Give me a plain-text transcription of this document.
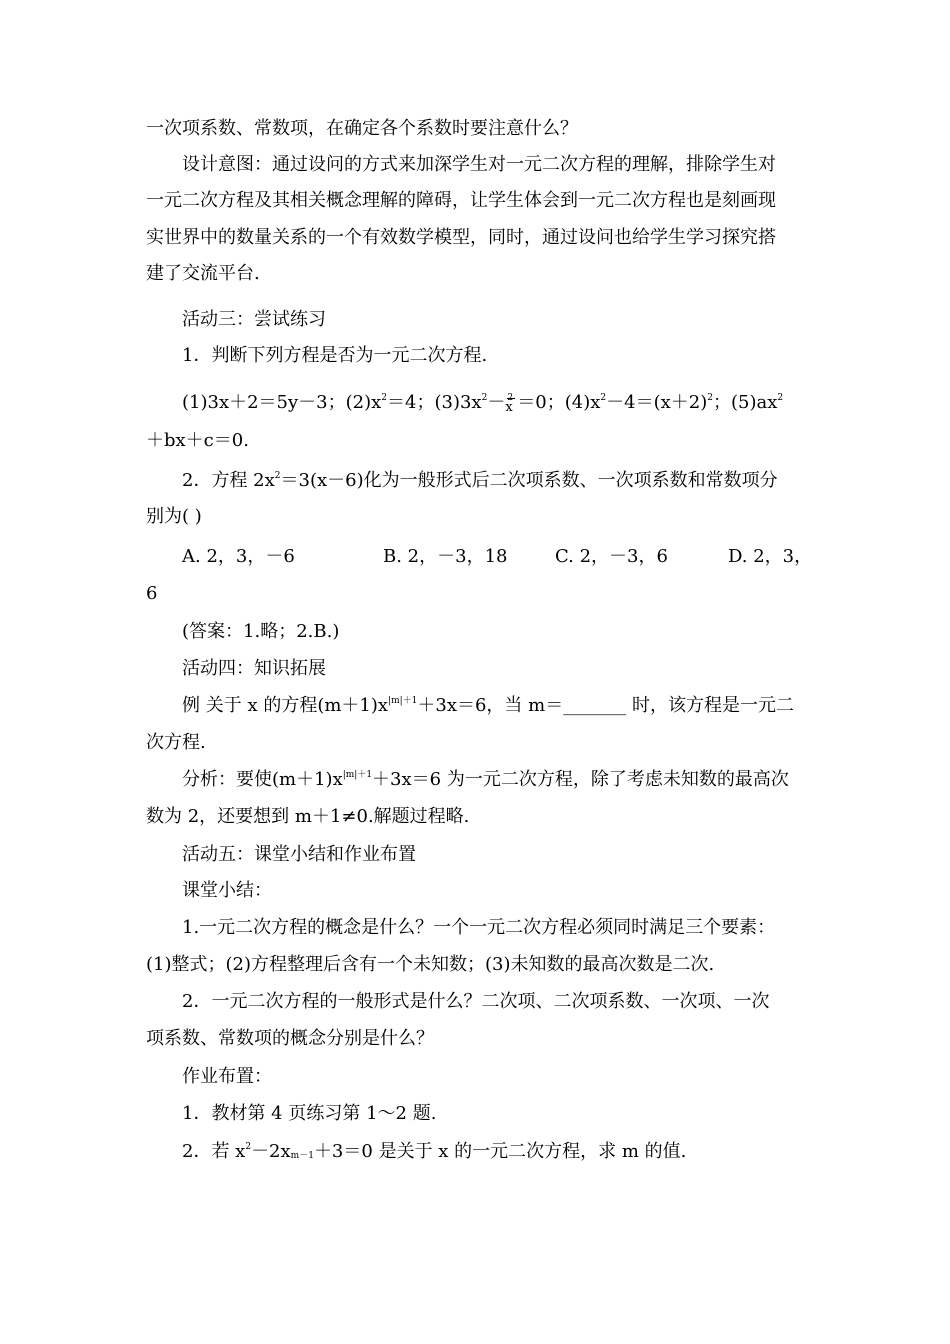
一次项系数、常数项，在确定各个系数时要注意什么？
设计意图：通过设问的方式来加深学生对一元二次方程的理解，排除学生对
一元二次方程及其相关概念理解的障碍，让学生体会到一元二次方程也是刻画现
实世界中的数量关系的一个有效数学模型，同时，通过设问也给学生学习探究搭
建了交流平台.
活动三：尝试练习
1．判断下列方程是否为一元二次方程.
(1)3x＋2＝5y－3；$(2)x^2=4$；$(3)3x^2- 2$
x ＝0；$(4)x^2-4=(x+2)^2$；$(5)ax^2$
＋bx＋c＝0.
2．方程 $2x^2=3(x-6)$化为一般形式后二次项系数、一次项系数和常数项分
别为( )
A. 2，3，－6	B. 2，－3，18	C. 2，－3，6	D. 2，3，
6
(答案：1.略；2.B.)
活动四：知识拓展
例 关于 x 的方程$(m+1)x^{|m|+1}+3x=6$，当 m＝_______ 时，该方程是一元二
次方程.
分析：要使$(m+1)x^{|m|+1}+3x=6$ 为一元二次方程，除了考虑未知数的最高次
数为 2，还要想到 m＋1≠0.解题过程略.
活动五：课堂小结和作业布置
课堂小结：
1.一元二次方程的概念是什么？一个一元二次方程必须同时满足三个要素：
(1)整式；(2)方程整理后含有一个未知数；(3)未知数的最高次数是二次.
2．一元二次方程的一般形式是什么？二次项、二次项系数、一次项、一次
项系数、常数项的概念分别是什么？
作业布置：
1．教材第 4 页练习第 1～2 题.
2．若 $x^2-2x_{m-1}+3=0$ 是关于 x 的一元二次方程，求 m 的值.
